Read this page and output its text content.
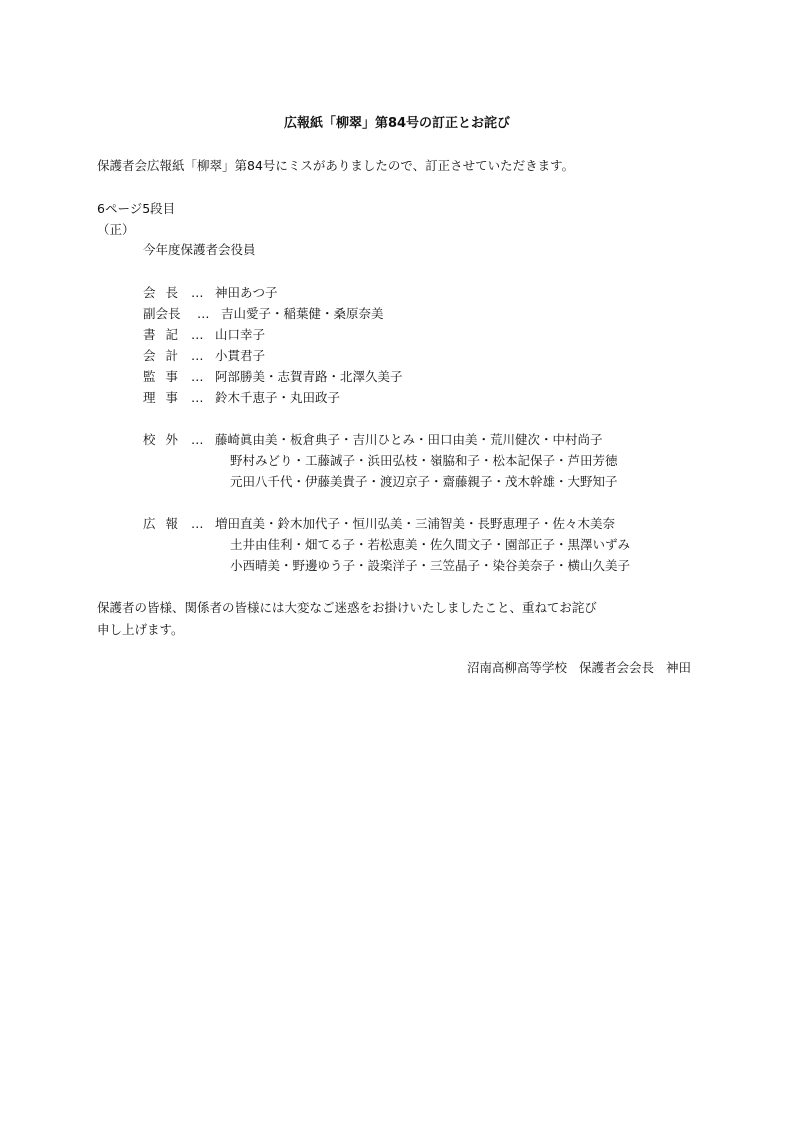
広報紙「柳翠」第84号の訂正とお詫び
保護者会広報紙「柳翠」第84号にミスがありましたので、訂正させていただきます。
6ページ5段目
（正）
今年度保護者会役員
会長 … 神田あつ子
副会長	… 吉山愛子・稲葉健・桑原奈美
書記 … 山口幸子
会計 … 小貫君子
監事 … 阿部勝美・志賀青路・北澤久美子
理事 … 鈴木千恵子・丸田政子
校外 … 藤崎眞由美・板倉典子・吉川ひとみ・田口由美・荒川健次・中村尚子
野村みどり・工藤誠子・浜田弘枝・嶺脇和子・松本記保子・芦田芳徳
元田八千代・伊藤美貴子・渡辺京子・齋藤親子・茂木幹雄・大野知子
広報 … 増田直美・鈴木加代子・恒川弘美・三浦智美・長野恵理子・佐々木美奈
土井由佳利・畑てる子・若松恵美・佐久間文子・園部正子・黒澤いずみ
小西晴美・野邊ゆう子・設楽洋子・三笠晶子・染谷美奈子・横山久美子
保護者の皆様、関係者の皆様には大変なご迷惑をお掛けいたしましたこと、重ねてお詫び
申し上げます。
沼南高柳高等学校 保護者会会長 神田
